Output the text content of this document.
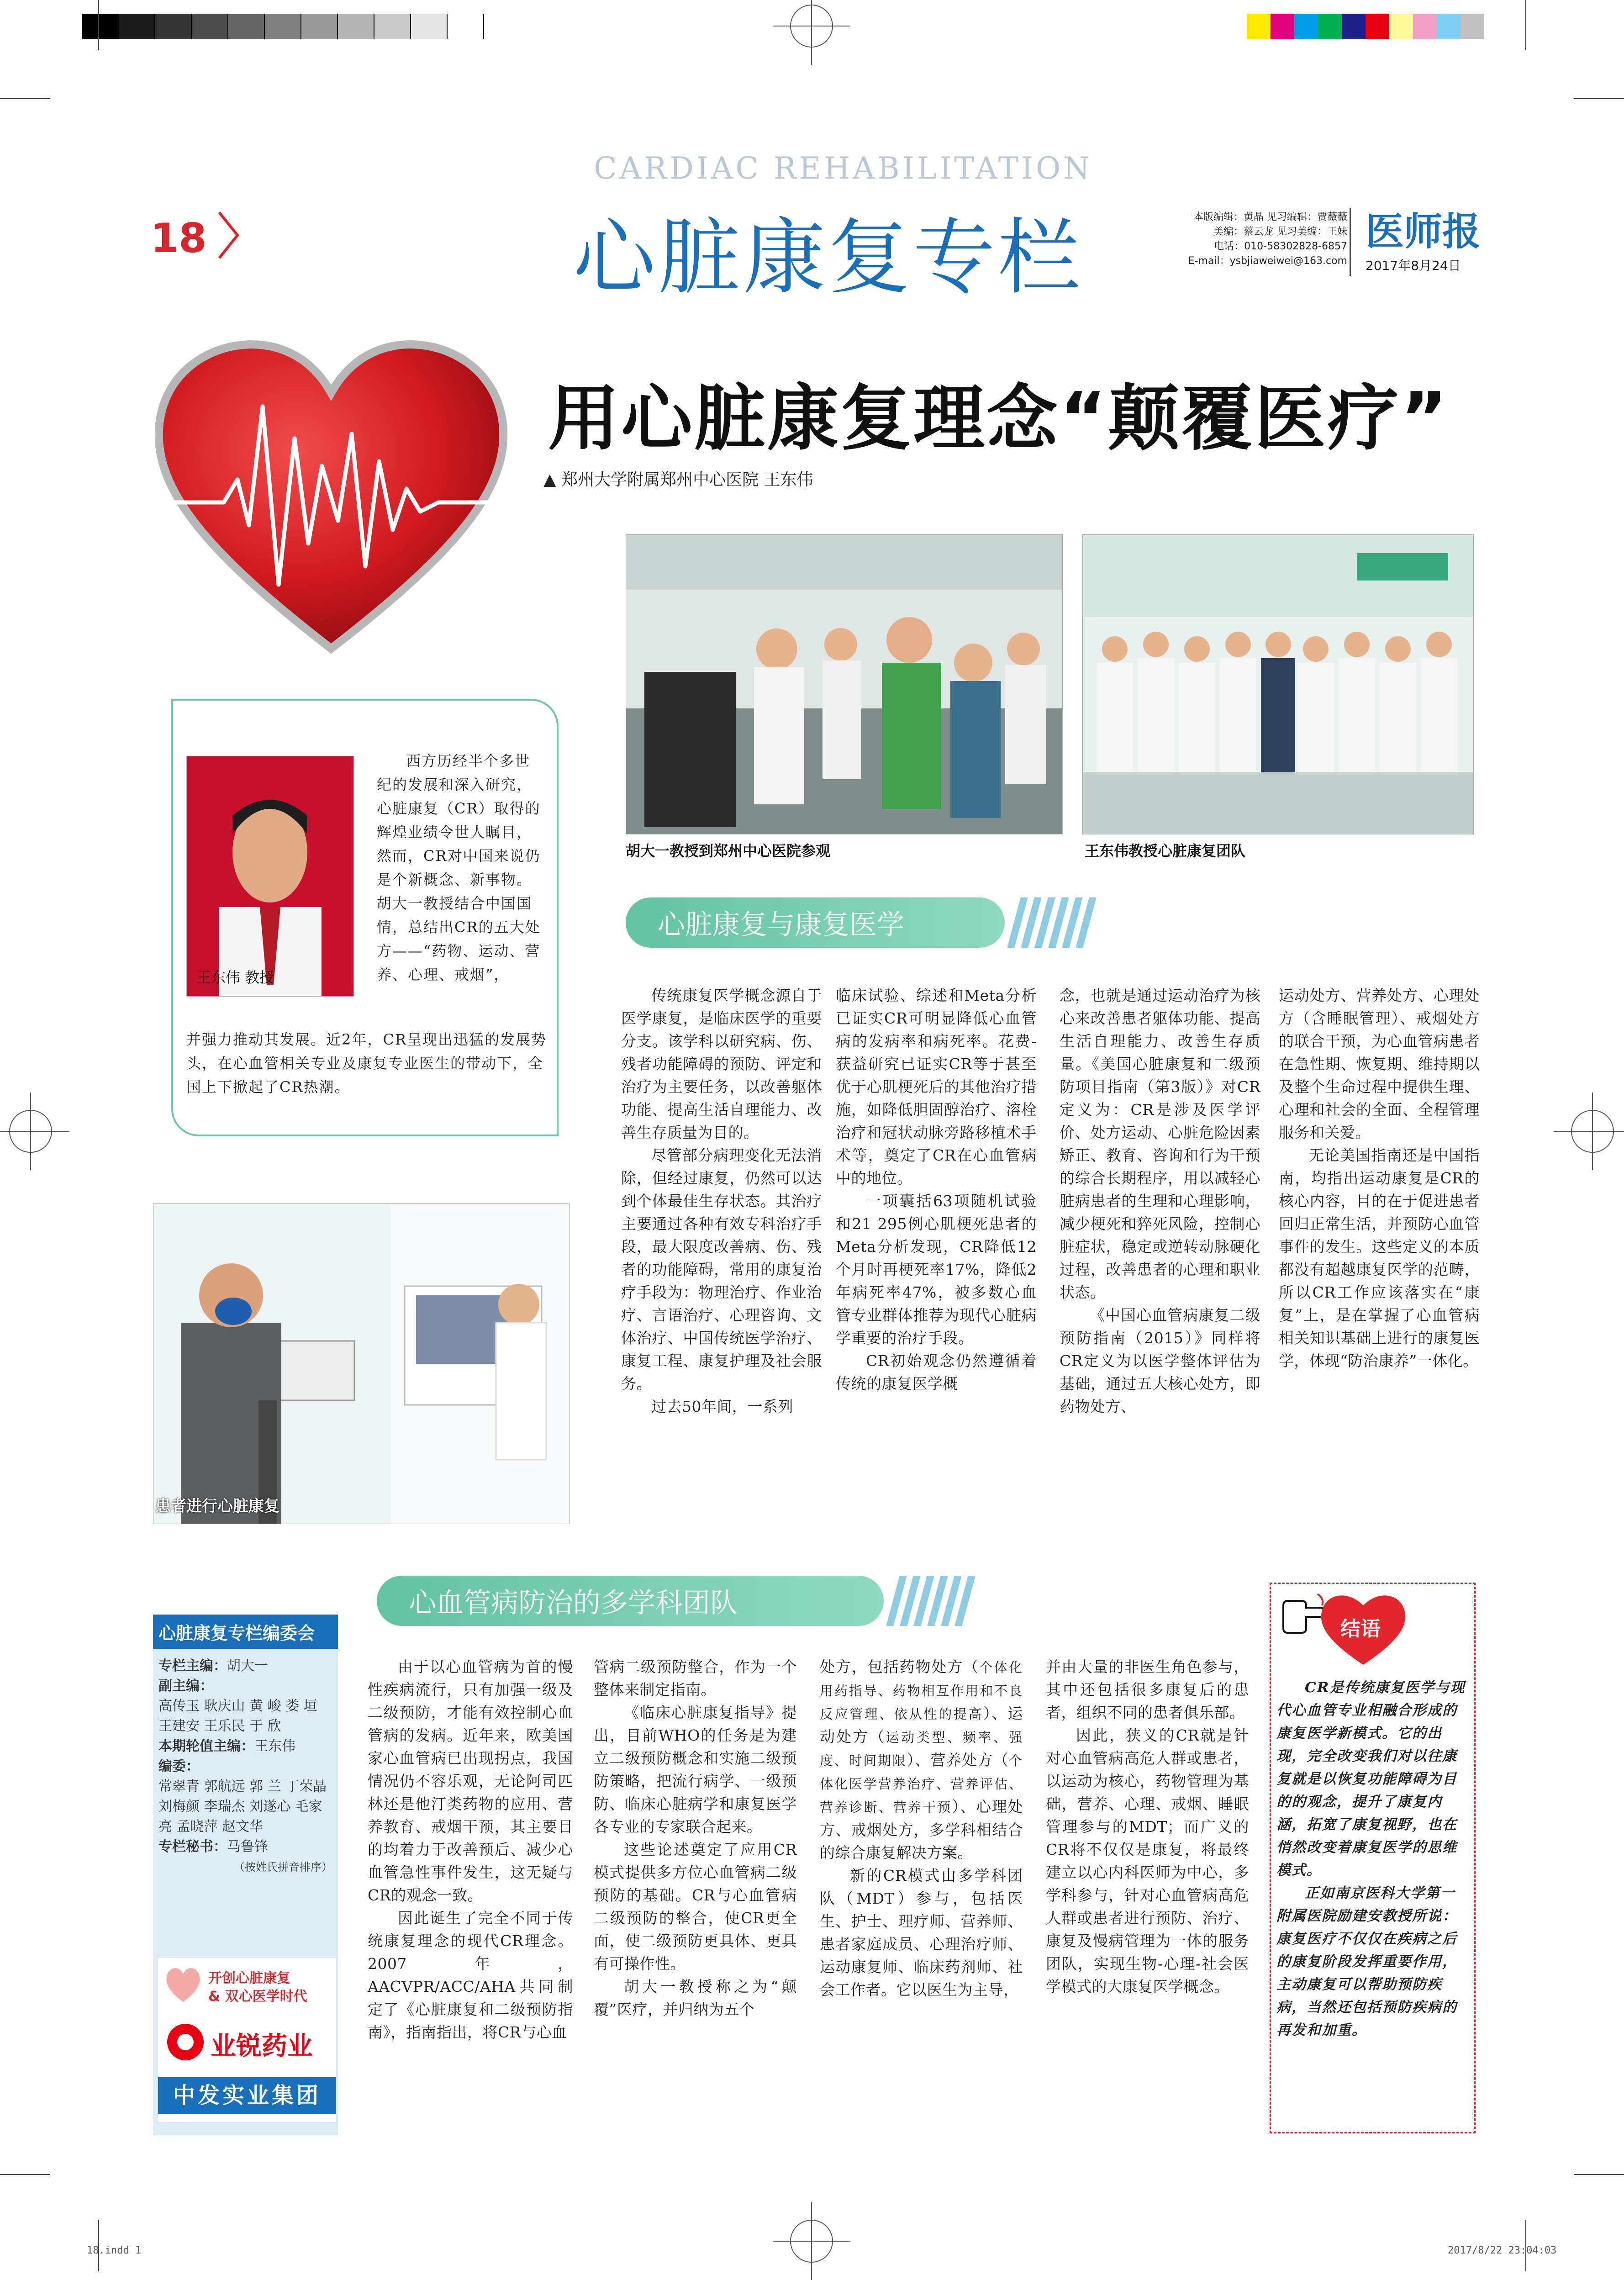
18
CARDIAC REHABILITATION
心脏康复专栏	本版编辑：黄晶 见习编辑：贾薇薇
美编：蔡云龙 见习美编：王妹
电话：010-58302828-6857
E-mail：ysbjiaweiwei@163.com
医师报
2017年8月24日
用心脏康复理念“颠覆医疗”
▲ 郑州大学附属郑州中心医院 王东伟
胡大一教授到郑州中心医院参观	王东伟教授心脏康复团队
王东伟 教授
西方历经半个多世纪的发展和深入研究，心脏康复（CR）取得的辉煌业绩令世人瞩目，然而，CR对中国来说仍是个新概念、新事物。胡大一教授结合中国国情，总结出CR的五大处方——“药物、运动、营养、心理、戒烟”，
并强力推动其发展。近2年，CR呈现出迅猛的发展势头，在心血管相关专业及康复专业医生的带动下，全国上下掀起了CR热潮。
患者进行心脏康复
心脏康复与康复医学

传统康复医学概念源自于医学康复，是临床医学的重要分支。该学科以研究病、伤、残者功能障碍的预防、评定和治疗为主要任务，以改善躯体功能、提高生活自理能力、改善生存质量为目的。

尽管部分病理变化无法消除，但经过康复，仍然可以达到个体最佳生存状态。其治疗主要通过各种有效专科治疗手段，最大限度改善病、伤、残者的功能障碍，常用的康复治疗手段为：物理治疗、作业治疗、言语治疗、心理咨询、文体治疗、中国传统医学治疗、康复工程、康复护理及社会服务。

过去50年间，一系列

临床试验、综述和Meta分析已证实CR可明显降低心血管病的发病率和病死率。花费-获益研究已证实CR等于甚至优于心肌梗死后的其他治疗措施，如降低胆固醇治疗、溶栓治疗和冠状动脉旁路移植术手术等，奠定了CR在心血管病中的地位。

一项囊括63项随机试验和21 295例心肌梗死患者的Meta分析发现，CR降低12个月时再梗死率17%，降低2年病死率47%，被多数心血管专业群体推荐为现代心脏病学重要的治疗手段。

CR初始观念仍然遵循着传统的康复医学概

念，也就是通过运动治疗为核心来改善患者躯体功能、提高生活自理能力、改善生存质量。《美国心脏康复和二级预防项目指南（第3版）》对CR定义为：CR是涉及医学评价、处方运动、心脏危险因素矫正、教育、咨询和行为干预的综合长期程序，用以减轻心脏病患者的生理和心理影响，减少梗死和猝死风险，控制心脏症状，稳定或逆转动脉硬化过程，改善患者的心理和职业状态。

《中国心血管病康复二级预防指南（2015）》同样将CR定义为以医学整体评估为基础，通过五大核心处方，即药物处方、

运动处方、营养处方、心理处方（含睡眠管理）、戒烟处方的联合干预，为心血管病患者在急性期、恢复期、维持期以及整个生命过程中提供生理、心理和社会的全面、全程管理服务和关爱。

无论美国指南还是中国指南，均指出运动康复是CR的核心内容，目的在于促进患者回归正常生活，并预防心血管事件的发生。这些定义的本质都没有超越康复医学的范畴，所以CR工作应该落实在“康复”上，是在掌握了心血管病相关知识基础上进行的康复医学，体现“防治康养”一体化。

心血管病防治的多学科团队
心脏康复专栏编委会
专栏主编：胡大一
副主编：
高传玉 耿庆山 黄 峻 娄 垣 王建安 王乐民 于 欣
本期轮值主编：王东伟
编委：
常翠青 郭航远 郭 兰 丁荣晶 刘梅颜 李瑞杰 刘遂心 毛家亮 孟晓萍 赵文华
专栏秘书：马鲁锋
（按姓氏拼音排序）
开创心脏康复
& 双心医学时代
业锐药业
中发实业集团

由于以心血管病为首的慢性疾病流行，只有加强一级及二级预防，才能有效控制心血管病的发病。近年来，欧美国家心血管病已出现拐点，我国情况仍不容乐观，无论阿司匹林还是他汀类药物的应用、营养教育、戒烟干预，其主要目的均着力于改善预后、减少心血管急性事件发生，这无疑与CR的观念一致。

因此诞生了完全不同于传统康复理念的现代CR理念。2007年，AACVPR/ACC/AHA共同制定了《心脏康复和二级预防指南》，指南指出，将CR与心血

管病二级预防整合，作为一个整体来制定指南。

《临床心脏康复指导》提出，目前WHO的任务是为建立二级预防概念和实施二级预防策略，把流行病学、一级预防、临床心脏病学和康复医学各专业的专家联合起来。

这些论述奠定了应用CR模式提供多方位心血管病二级预防的基础。CR与心血管病二级预防的整合，使CR更全面，使二级预防更具体、更具有可操作性。

胡大一教授称之为“颠覆”医疗，并归纳为五个

处方，包括药物处方（个体化用药指导、药物相互作用和不良反应管理、依从性的提高）、运动处方（运动类型、频率、强度、时间期限）、营养处方（个体化医学营养治疗、营养评估、营养诊断、营养干预）、心理处方、戒烟处方，多学科相结合的综合康复解决方案。

新的CR模式由多学科团队（MDT）参与，包括医生、护士、理疗师、营养师、患者家庭成员、心理治疗师、运动康复师、临床药剂师、社会工作者。它以医生为主导，

并由大量的非医生角色参与，其中还包括很多康复后的患者，组织不同的患者俱乐部。

因此，狭义的CR就是针对心血管病高危人群或患者，以运动为核心，药物管理为基础，营养、心理、戒烟、睡眠管理参与的MDT；而广义的CR将不仅仅是康复，将最终建立以心内科医师为中心，多学科参与，针对心血管病高危人群或患者进行预防、治疗、康复及慢病管理为一体的服务团队，实现生物-心理-社会医学模式的大康复医学概念。

结语

CR是传统康复医学与现代心血管专业相融合形成的康复医学新模式。它的出现，完全改变我们对以往康复就是以恢复功能障碍为目的的观念，提升了康复内涵，拓宽了康复视野，也在悄然改变着康复医学的思维模式。

正如南京医科大学第一附属医院励建安教授所说：康复医疗不仅仅在疾病之后的康复阶段发挥重要作用，主动康复可以帮助预防疾病，当然还包括预防疾病的再发和加重。

18.indd 1	2017/8/22 23:04:03
